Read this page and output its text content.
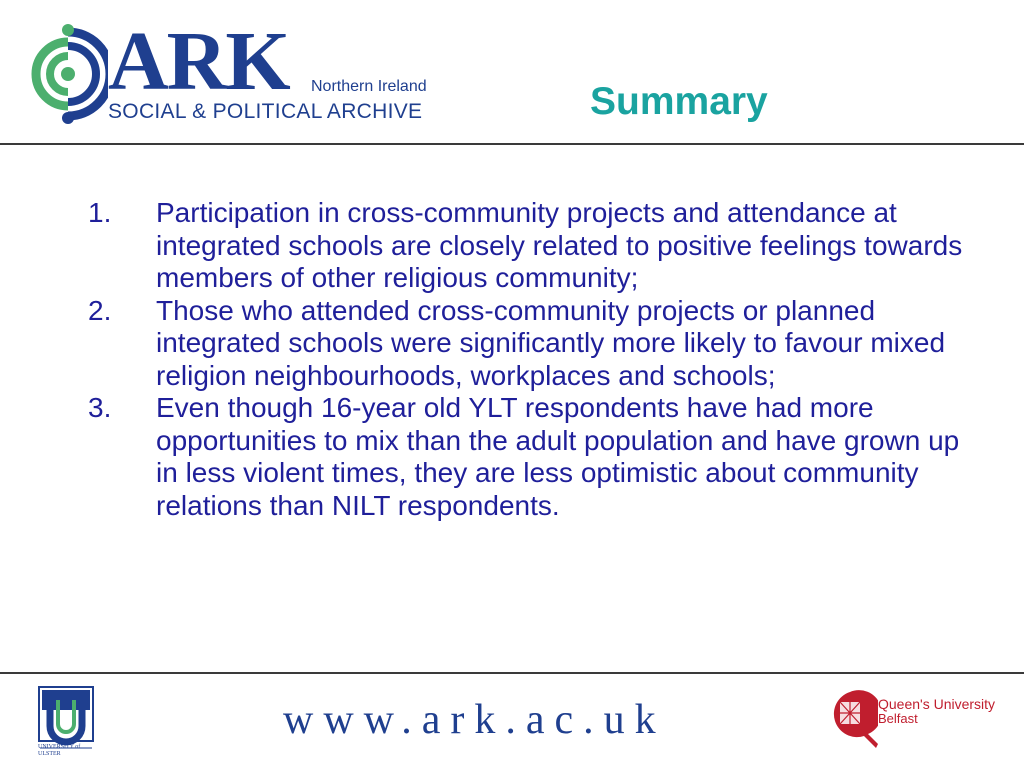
ARK Northern Ireland
SOCIAL & POLITICAL ARCHIVE	Summary
1. Participation in cross-community projects and attendance at integrated schools are closely related to positive feelings towards members of other religious community;
2. Those who attended cross-community projects or planned integrated schools were significantly more likely to favour mixed religion neighbourhoods, workplaces and schools;
3. Even though 16-year old YLT respondents have had more opportunities to mix than the adult population and have grown up in less violent times, they are less optimistic about community relations than NILT respondents.
UNIVERSITY of ULSTER
www.ark.ac.uk	Queen's University
Belfast
